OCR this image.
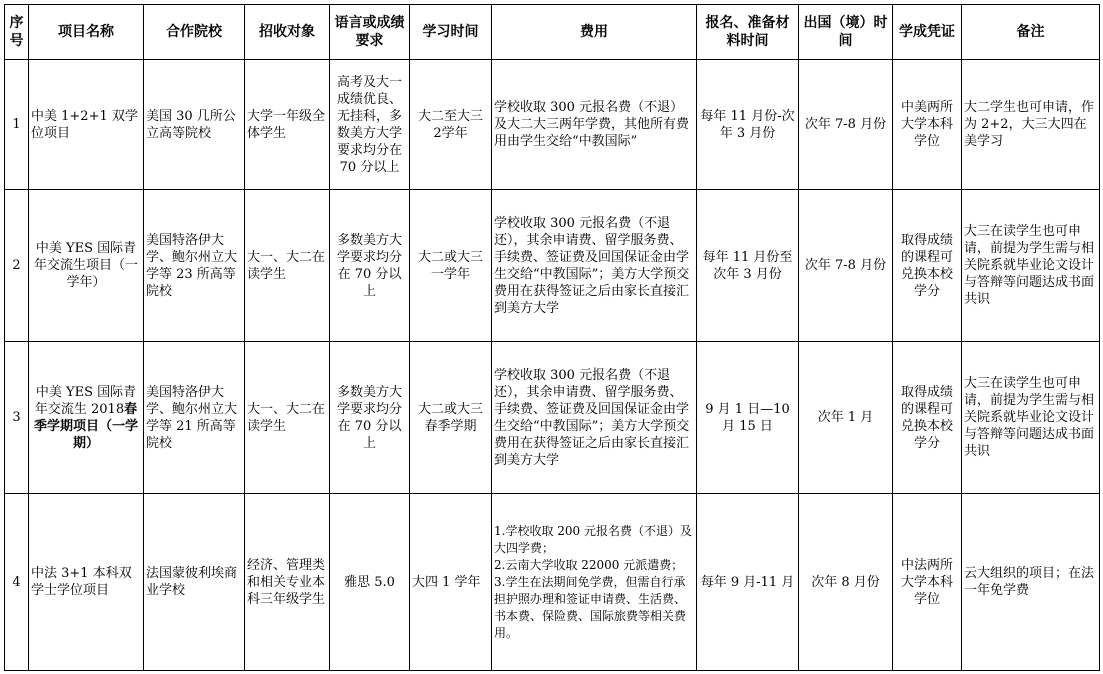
序号	项目名称	合作院校	招收对象	语言或成绩要求	学习时间	费用	报名、准备材料时间	出国（境）时间	学成凭证	备注
1	中美 1+2+1 双学位项目	美国 30 几所公立高等院校	大学一年级全体学生	高考及大一成绩优良、无挂科，多数美方大学要求均分在 70 分以上	大二至大三 2学年	学校收取 300 元报名费（不退）及大二大三两年学费，其他所有费用由学生交给“中教国际”	每年 11 月份-次年 3 月份	次年 7-8 月份	中美两所大学本科学位	大二学生也可申请，作为 2+2，大三大四在美学习
2	中美 YES 国际青年交流生项目（一学年）	美国特洛伊大学、鲍尔州立大学等 23 所高等院校	大一、大二在读学生	多数美方大学要求均分在 70 分以上	大二或大三 一学年	学校收取 300 元报名费（不退还），其余申请费、留学服务费、手续费、签证费及回国保证金由学生交给“中教国际”；美方大学预交费用在获得签证之后由家长直接汇到美方大学	每年 11 月份至次年 3 月份	次年 7-8 月份	取得成绩的课程可兑换本校学分	大三在读学生也可申请，前提为学生需与相关院系就毕业论文设计与答辩等问题达成书面共识
3	中美 YES 国际青年交流生 2018春季学期项目（一学期）	美国特洛伊大学、鲍尔州立大学等 21 所高等院校	大一、大二在读学生	多数美方大学要求均分在 70 分以上	大二或大三春季学期	学校收取 300 元报名费（不退还），其余申请费、留学服务费、手续费、签证费及回国保证金由学生交给“中教国际”；美方大学预交费用在获得签证之后由家长直接汇到美方大学	9 月 1 日—10 月 15 日	次年 1 月	取得成绩的课程可兑换本校学分	大三在读学生也可申请，前提为学生需与相关院系就毕业论文设计与答辩等问题达成书面共识
4	中法 3+1 本科双学士学位项目	法国蒙彼利埃商业学校	经济、管理类和相关专业本科三年级学生	雅思 5.0	大四 1 学年	1.学校收取 200 元报名费（不退）及大四学费；
2.云南大学收取 22000 元派遣费；
3.学生在法期间免学费，但需自行承担护照办理和签证申请费、生活费、书本费、保险费、国际旅费等相关费用。	每年 9 月-11 月	次年 8 月份	中法两所大学本科学位	云大组织的项目；在法一年免学费
